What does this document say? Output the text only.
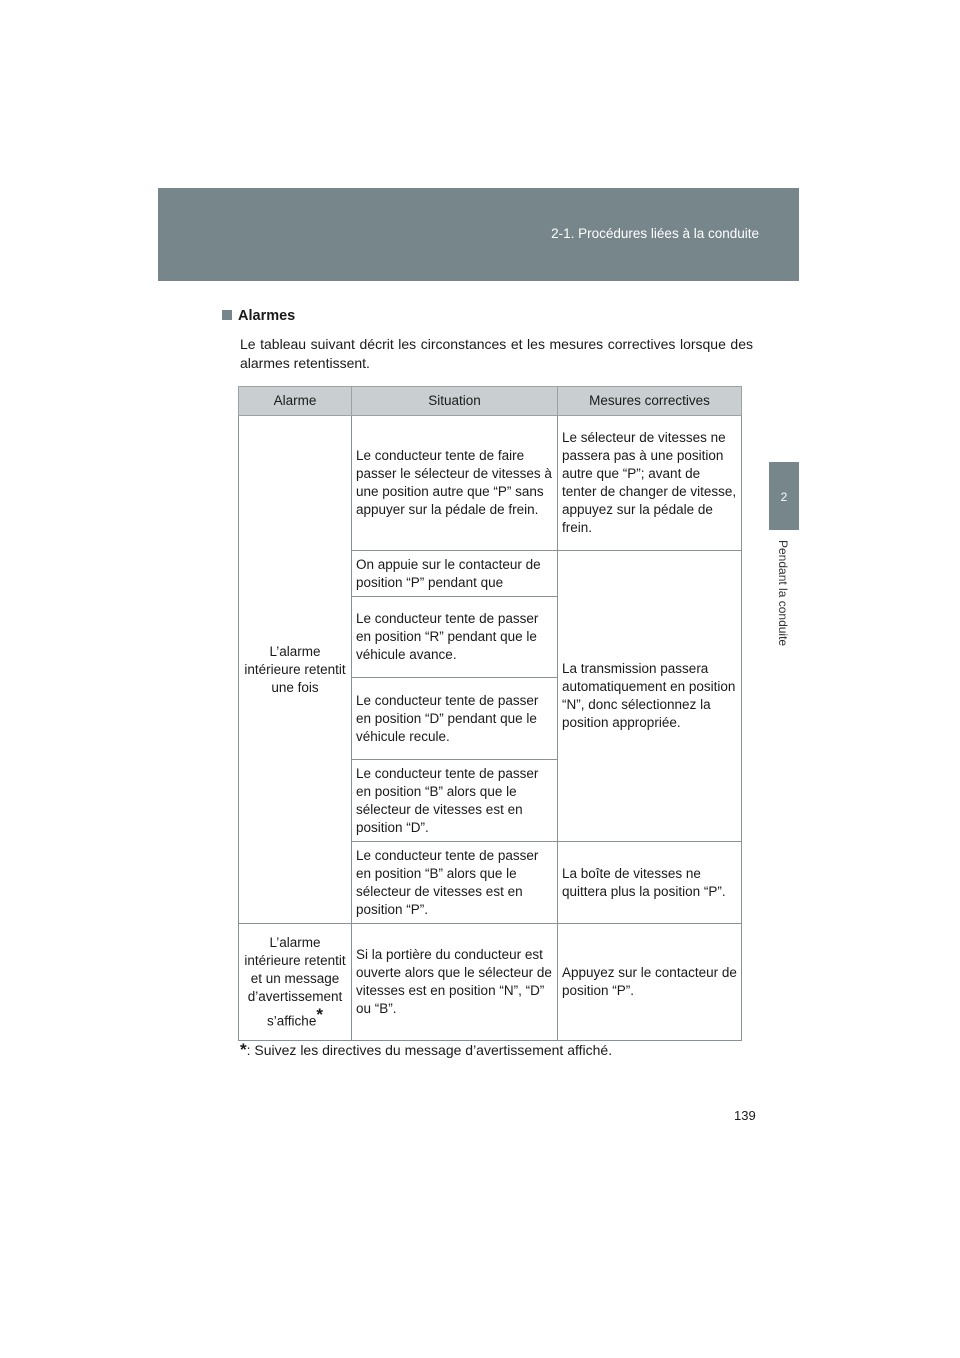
2-1. Procédures liées à la conduite
2
Pendant la conduite
Alarmes
Le tableau suivant décrit les circonstances et les mesures correctives lorsque des alarmes retentissent.
Alarme	Situation	Mesures correctives
L’alarme intérieure retentit une fois	Le conducteur tente de faire passer le sélecteur de vitesses à une position autre que “P” sans appuyer sur la pédale de frein.	Le sélecteur de vitesses ne passera pas à une position autre que “P”; avant de tenter de changer de vitesse, appuyez sur la pédale de frein.
	On appuie sur le contacteur de position “P” pendant que	La transmission passera automatiquement en position “N”, donc sélectionnez la position appropriée.
	Le conducteur tente de passer en position “R” pendant que le véhicule avance.	
	Le conducteur tente de passer en position “D” pendant que le véhicule recule.	
	Le conducteur tente de passer en position “B” alors que le sélecteur de vitesses est en position “D”.	
	Le conducteur tente de passer en position “B” alors que le sélecteur de vitesses est en position “P”.	La boîte de vitesses ne quittera plus la position “P”.
L’alarme intérieure retentit et un message d’avertissement s’affiche*	Si la portière du conducteur est ouverte alors que le sélecteur de vitesses est en position “N”, “D” ou “B”.	Appuyez sur le contacteur de position “P”.
*: Suivez les directives du message d’avertissement affiché.
139
